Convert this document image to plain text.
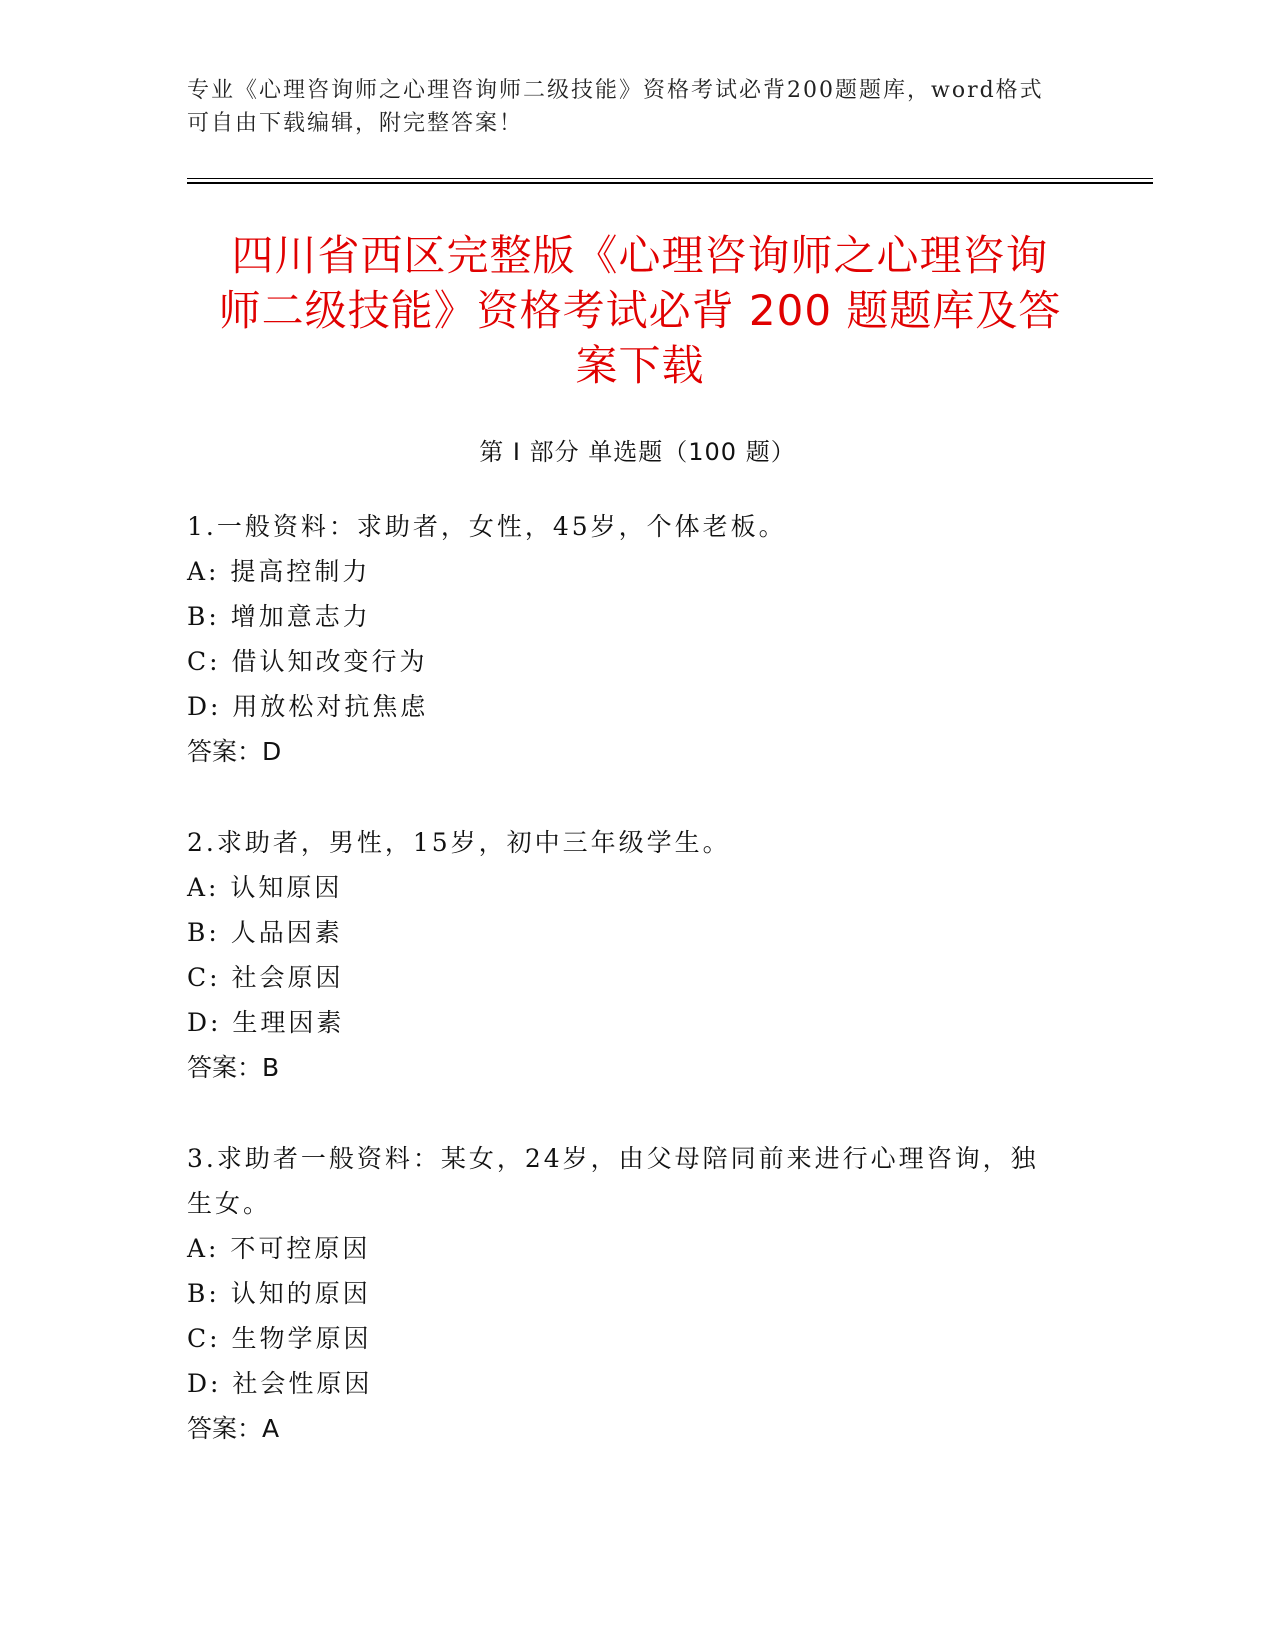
专业《心理咨询师之心理咨询师二级技能》资格考试必背200题题库，word格式
可自由下载编辑，附完整答案！
四川省西区完整版《心理咨询师之心理咨询
师二级技能》资格考试必背 200 题题库及答
案下载
第 I 部分 单选题（100 题）
1.一般资料：求助者，女性，45岁，个体老板。
A: 提高控制力
B: 增加意志力
C: 借认知改变行为
D: 用放松对抗焦虑
答案：D
2.求助者，男性，15岁，初中三年级学生。
A: 认知原因
B: 人品因素
C: 社会原因
D: 生理因素
答案：B
3.求助者一般资料：某女，24岁，由父母陪同前来进行心理咨询，独
生女。
A: 不可控原因
B: 认知的原因
C: 生物学原因
D: 社会性原因
答案：A
